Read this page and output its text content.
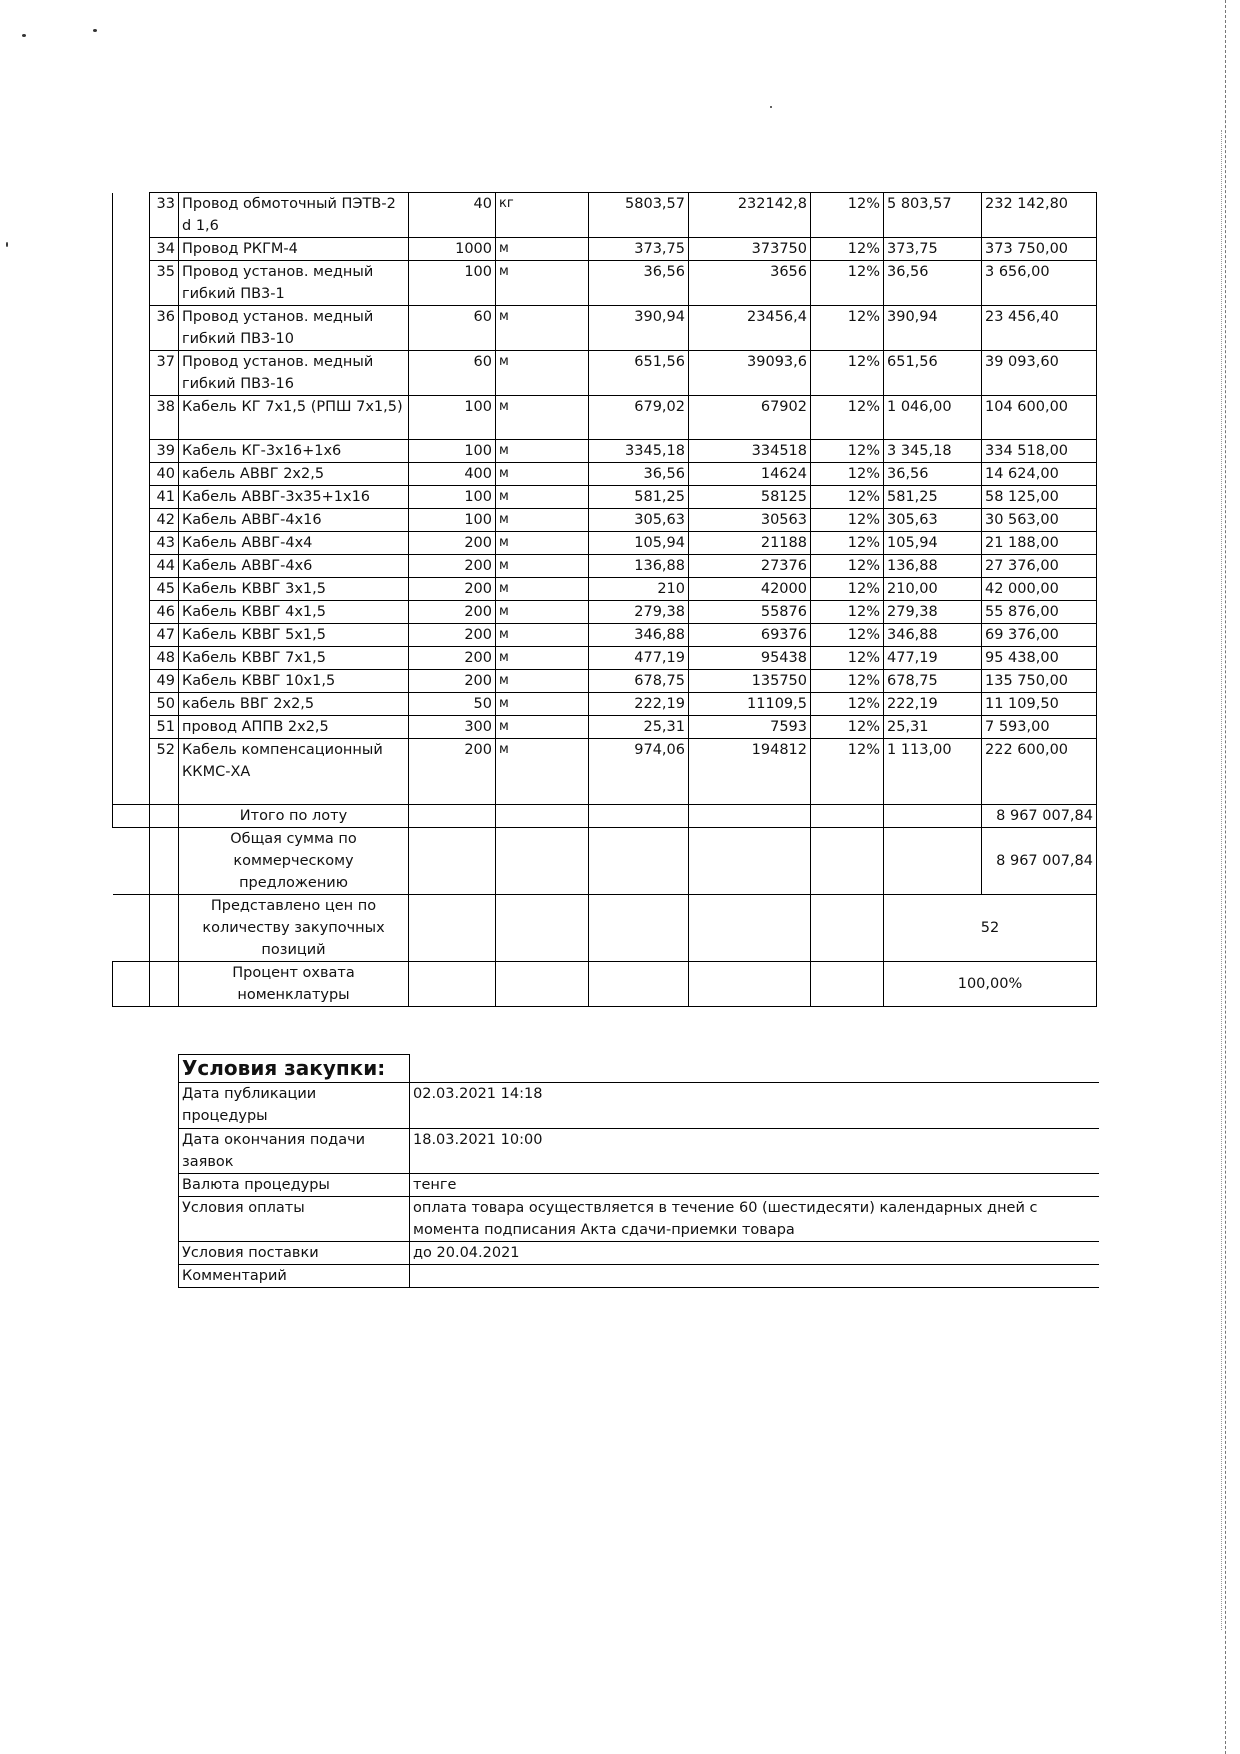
	33	Провод обмоточный ПЭТВ-2 d 1,6	40	кг	5803,57	232142,8	12%	5 803,57	232 142,80
	34	Провод РКГМ-4	1000	м	373,75	373750	12%	373,75	373 750,00
	35	Провод установ. медный гибкий ПВ3-1	100	м	36,56	3656	12%	36,56	3 656,00
	36	Провод установ. медный гибкий ПВ3-10	60	м	390,94	23456,4	12%	390,94	23 456,40
	37	Провод установ. медный гибкий ПВ3-16	60	м	651,56	39093,6	12%	651,56	39 093,60
	38	Кабель КГ 7х1,5 (РПШ 7х1,5)	100	м	679,02	67902	12%	1 046,00	104 600,00
	39	Кабель КГ-3х16+1х6	100	м	3345,18	334518	12%	3 345,18	334 518,00
	40	кабель АВВГ 2х2,5	400	м	36,56	14624	12%	36,56	14 624,00
	41	Кабель АВВГ-3х35+1х16	100	м	581,25	58125	12%	581,25	58 125,00
	42	Кабель АВВГ-4х16	100	м	305,63	30563	12%	305,63	30 563,00
	43	Кабель АВВГ-4х4	200	м	105,94	21188	12%	105,94	21 188,00
	44	Кабель АВВГ-4х6	200	м	136,88	27376	12%	136,88	27 376,00
	45	Кабель КВВГ 3х1,5	200	м	210	42000	12%	210,00	42 000,00
	46	Кабель КВВГ 4х1,5	200	м	279,38	55876	12%	279,38	55 876,00
	47	Кабель КВВГ 5х1,5	200	м	346,88	69376	12%	346,88	69 376,00
	48	Кабель КВВГ 7х1,5	200	м	477,19	95438	12%	477,19	95 438,00
	49	Кабель КВВГ 10х1,5	200	м	678,75	135750	12%	678,75	135 750,00
	50	кабель ВВГ 2х2,5	50	м	222,19	11109,5	12%	222,19	11 109,50
	51	провод АППВ 2х2,5	300	м	25,31	7593	12%	25,31	7 593,00
	52	Кабель компенсационный ККМС-ХА	200	м	974,06	194812	12%	1 113,00	222 600,00
		Итого по лоту							8 967 007,84
		Общая сумма по коммерческому предложению							8 967 007,84
		Представлено цен по количеству закупочных позиций						52	
		Процент охвата номенклатуры						100,00%	
Условия закупки:	
Дата публикации процедуры	02.03.2021 14:18
Дата окончания подачи заявок	18.03.2021 10:00
Валюта процедуры	тенге
Условия оплаты	оплата товара осуществляется в течение 60 (шестидесяти) календарных дней с момента подписания Акта сдачи-приемки товара
Условия поставки	до 20.04.2021
Комментарий	
